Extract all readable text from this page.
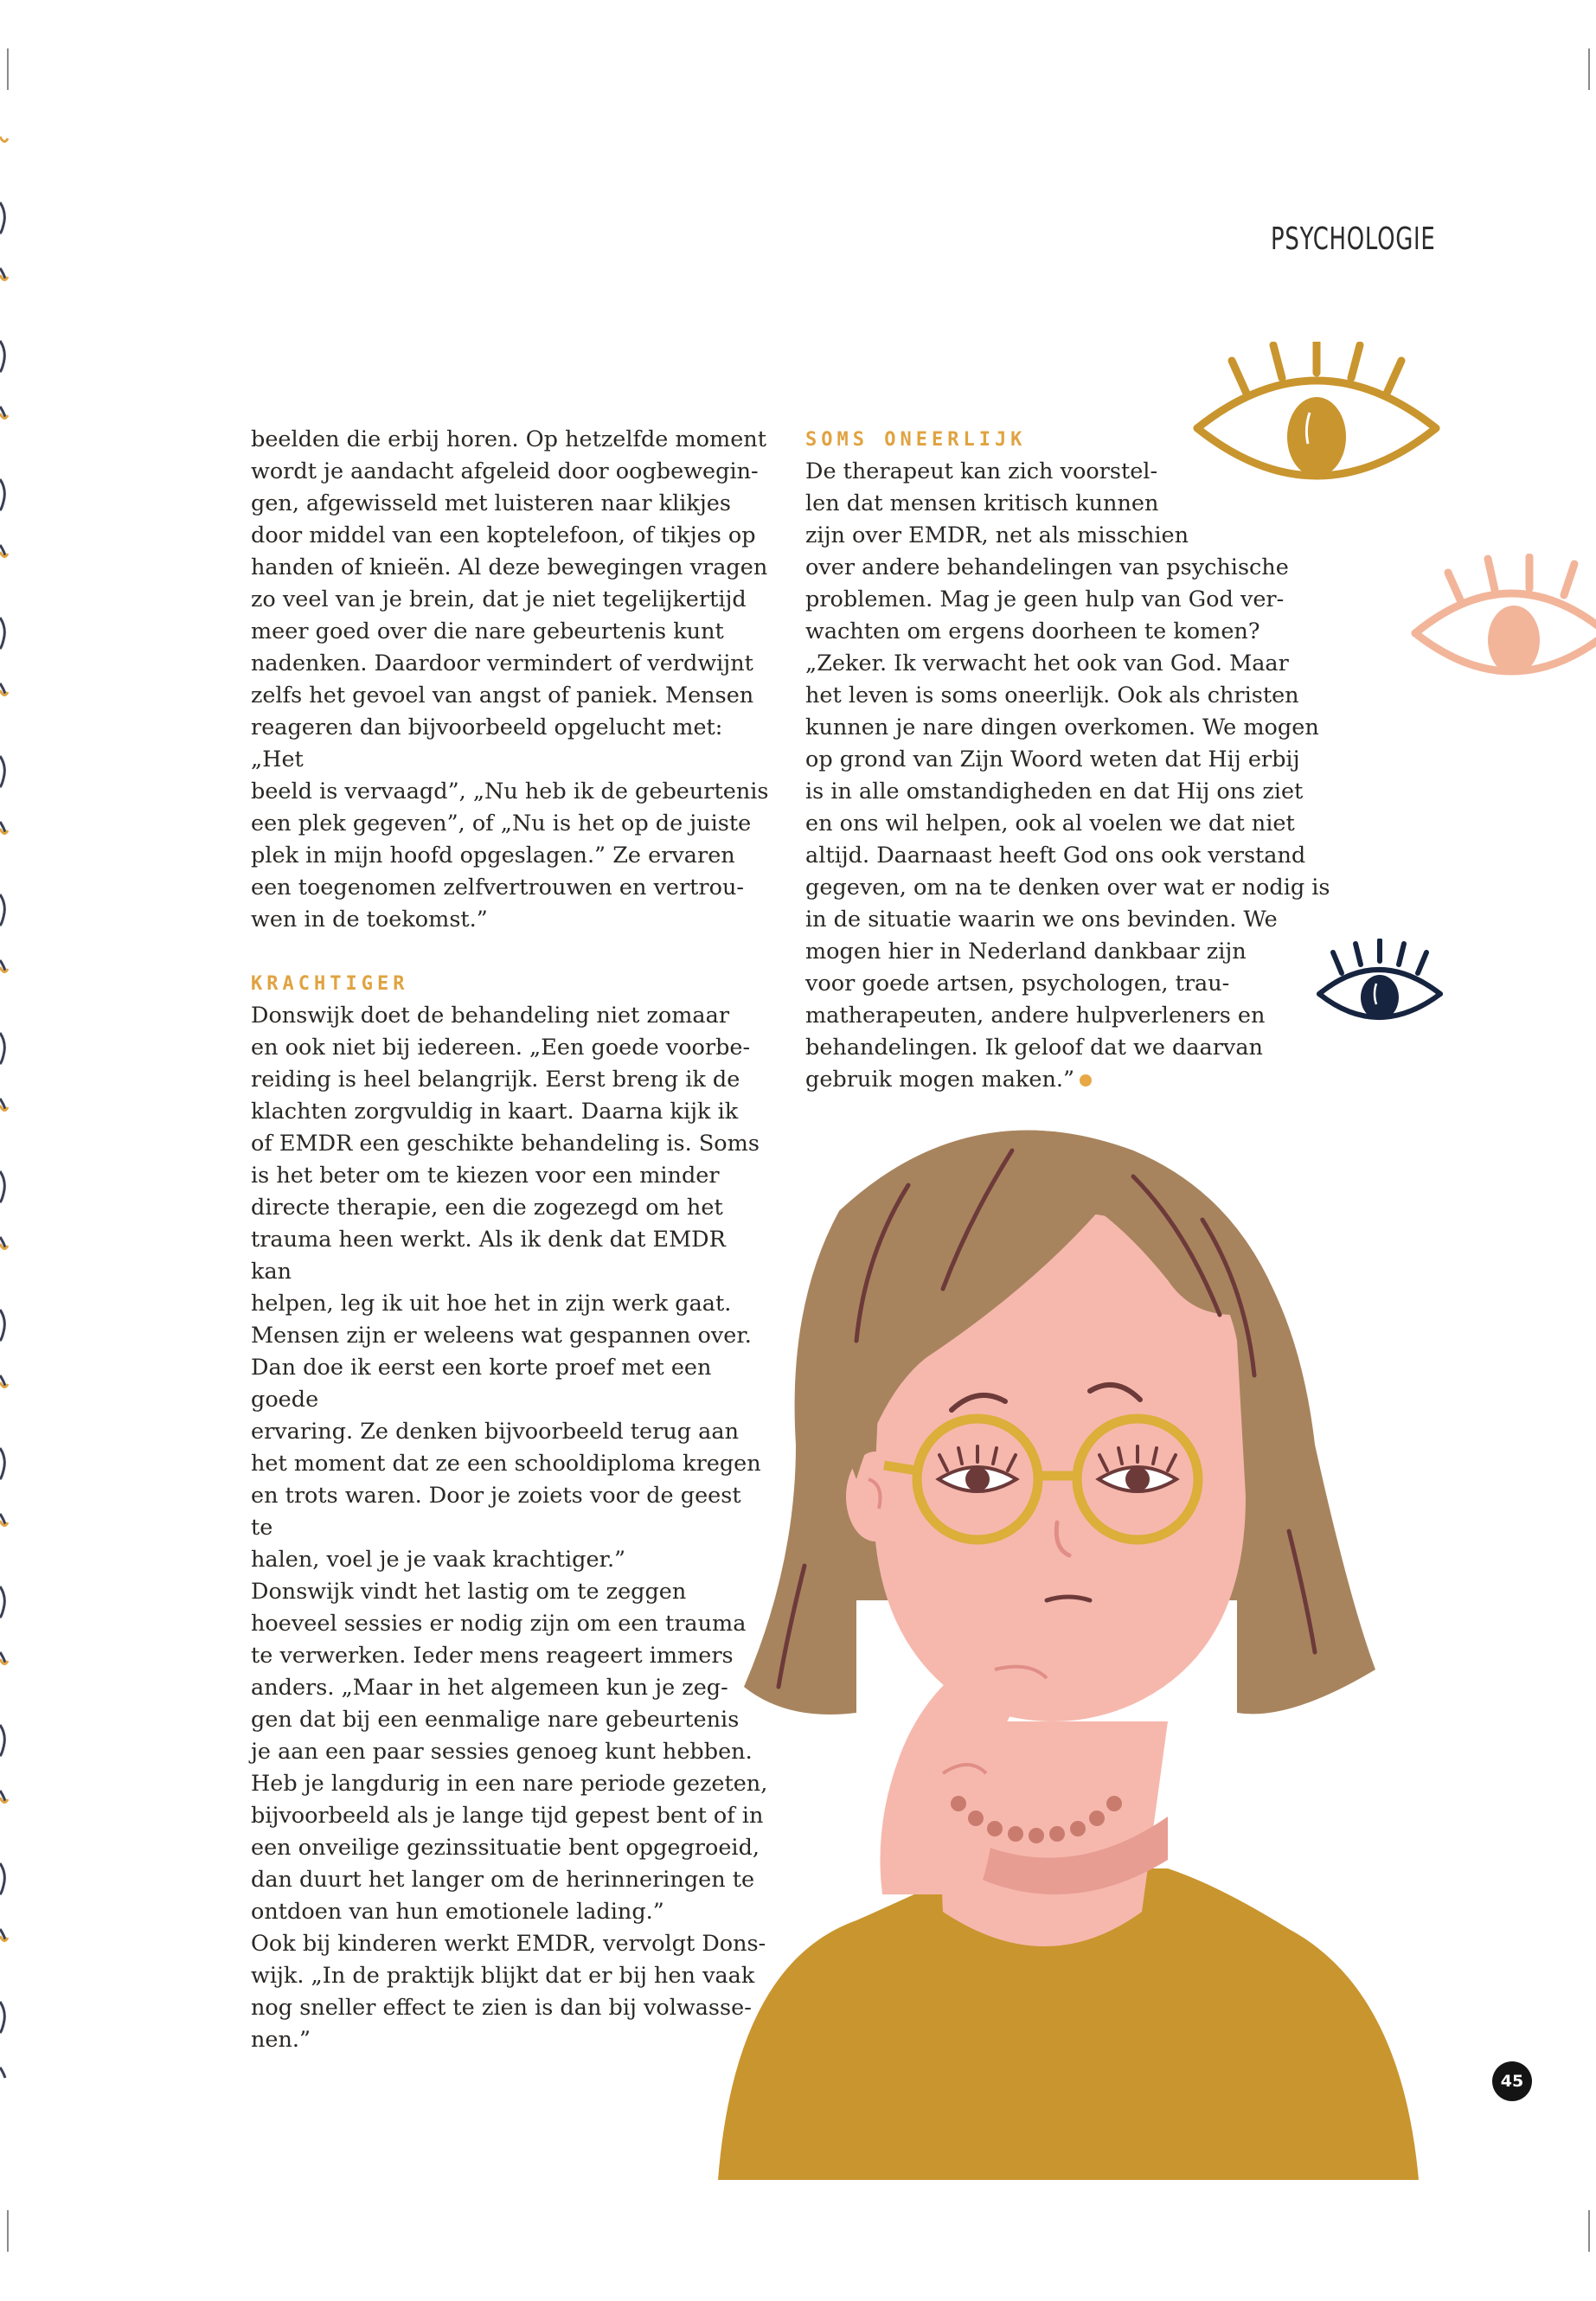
PSYCHOLOGIE

beelden die erbij horen. Op hetzelfde moment

wordt je aandacht afgeleid door oogbewegin-

gen, afgewisseld met luisteren naar klikjes

door middel van een koptelefoon, of tikjes op

handen of knieën. Al deze bewegingen vragen

zo veel van je brein, dat je niet tegelijkertijd

meer goed over die nare gebeurtenis kunt

nadenken. Daardoor vermindert of verdwijnt

zelfs het gevoel van angst of paniek. Mensen

reageren dan bijvoorbeeld opgelucht met: „Het

beeld is vervaagd”, „Nu heb ik de gebeurtenis

een plek gegeven”, of „Nu is het op de juiste

plek in mijn hoofd opgeslagen.” Ze ervaren

een toegenomen zelfvertrouwen en vertrou-

wen in de toekomst.”

KRACHTIGER

Donswijk doet de behandeling niet zomaar

en ook niet bij iedereen. „Een goede voorbe-

reiding is heel belangrijk. Eerst breng ik de

klachten zorgvuldig in kaart. Daarna kijk ik

of EMDR een geschikte behandeling is. Soms

is het beter om te kiezen voor een minder

directe therapie, een die zogezegd om het

trauma heen werkt. Als ik denk dat EMDR kan

helpen, leg ik uit hoe het in zijn werk gaat.

Mensen zijn er weleens wat gespannen over.

Dan doe ik eerst een korte proef met een goede

ervaring. Ze denken bijvoorbeeld terug aan

het moment dat ze een schooldiploma kregen

en trots waren. Door je zoiets voor de geest te

halen, voel je je vaak krachtiger.”

Donswijk vindt het lastig om te zeggen

hoeveel sessies er nodig zijn om een trauma

te verwerken. Ieder mens reageert immers

anders. „Maar in het algemeen kun je zeg-

gen dat bij een eenmalige nare gebeurtenis

je aan een paar sessies genoeg kunt hebben.

Heb je langdurig in een nare periode gezeten,

bijvoorbeeld als je lange tijd gepest bent of in

een onveilige gezinssituatie bent opgegroeid,

dan duurt het langer om de herinneringen te

ontdoen van hun emotionele lading.”

Ook bij kinderen werkt EMDR, vervolgt Dons-

wijk. „In de praktijk blijkt dat er bij hen vaak

nog sneller effect te zien is dan bij volwasse-

nen.”

SOMS ONEERLIJK

De therapeut kan zich voorstel-

len dat mensen kritisch kunnen

zijn over EMDR, net als misschien

over andere behandelingen van psychische

problemen. Mag je geen hulp van God ver-

wachten om ergens doorheen te komen?

„Zeker. Ik verwacht het ook van God. Maar

het leven is soms oneerlijk. Ook als christen

kunnen je nare dingen overkomen. We mogen

op grond van Zijn Woord weten dat Hij erbij

is in alle omstandigheden en dat Hij ons ziet

en ons wil helpen, ook al voelen we dat niet

altijd. Daarnaast heeft God ons ook verstand

gegeven, om na te denken over wat er nodig is

in de situatie waarin we ons bevinden. We

mogen hier in Nederland dankbaar zijn

voor goede artsen, psychologen, trau-

matherapeuten, andere hulpverleners en

behandelingen. Ik geloof dat we daarvan

gebruik mogen maken.”

45
